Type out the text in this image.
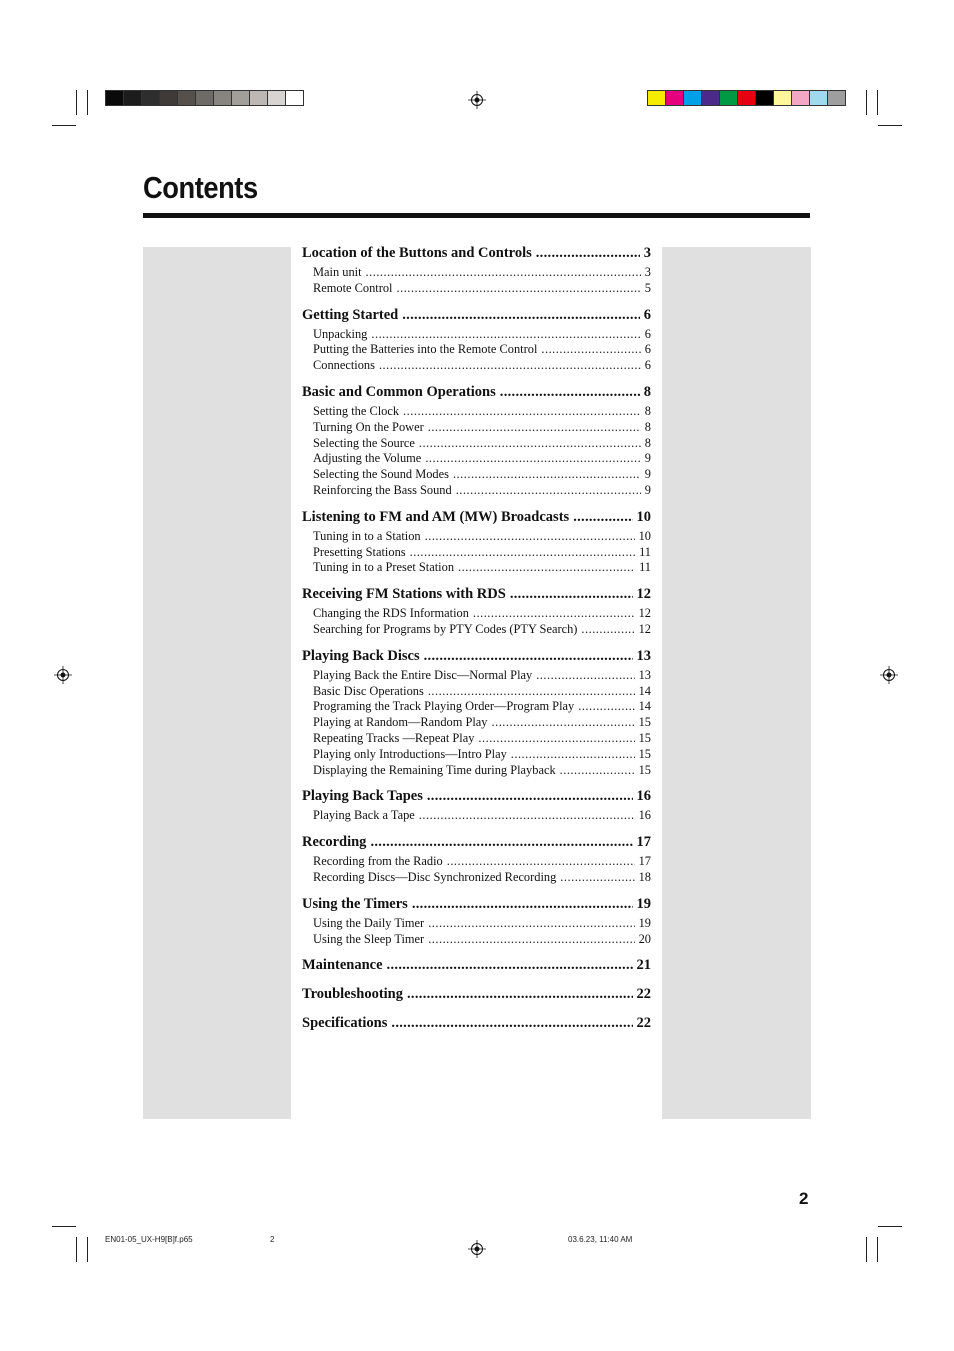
Contents
Location of the Buttons and Controls .....	3
Main unit .....	3
Remote Control .....	5
Getting Started .....	6
Unpacking .....	6
Putting the Batteries into the Remote Control .....	6
Connections .....	6
Basic and Common Operations .....	8
Setting the Clock .....	8
Turning On the Power .....	8
Selecting the Source .....	8
Adjusting the Volume .....	9
Selecting the Sound Modes .....	9
Reinforcing the Bass Sound .....	9
Listening to FM and AM (MW) Broadcasts .....	10
Tuning in to a Station .....	10
Presetting Stations .....	11
Tuning in to a Preset Station .....	11
Receiving FM Stations with RDS .....	12
Changing the RDS Information .....	12
Searching for Programs by PTY Codes (PTY Search) .....	12
Playing Back Discs .....	13
Playing Back the Entire Disc—Normal Play .....	13
Basic Disc Operations .....	14
Programing the Track Playing Order—Program Play .....	14
Playing at Random—Random Play .....	15
Repeating Tracks —Repeat Play .....	15
Playing only Introductions—Intro Play .....	15
Displaying the Remaining Time during Playback .....	15
Playing Back Tapes .....	16
Playing Back a Tape .....	16
Recording .....	17
Recording from the Radio .....	17
Recording Discs—Disc Synchronized Recording .....	18
Using the Timers .....	19
Using the Daily Timer .....	19
Using the Sleep Timer .....	20
Maintenance .....	21
Troubleshooting .....	22
Specifications .....	22
2
EN01-05_UX-H9[B]f.p65	2	03.6.23, 11:40 AM
